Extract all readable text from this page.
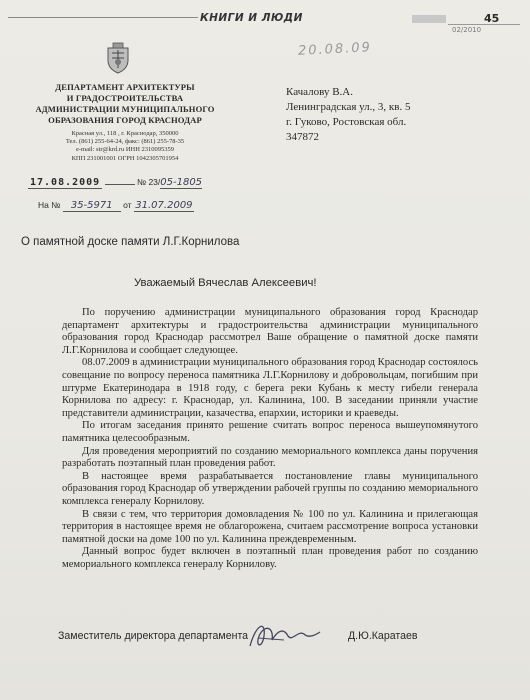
КНИГИ И ЛЮДИ	45
02/2010
20.08.09
ДЕПАРТАМЕНТ АРХИТЕКТУРЫ
И ГРАДОСТРОИТЕЛЬСТВА
АДМИНИСТРАЦИИ МУНИЦИПАЛЬНОГО
ОБРАЗОВАНИЯ ГОРОД КРАСНОДАР
Красная ул., 118 , г. Краснодар, 350000
Тел. (861) 255-64-24, факс: (861) 255-78-35
e-mail: str@krd.ru ИНН 2310095359
КПП 231001001 ОГРН 1042305701954
17.08.2009	№ 23/05-1805
На № 35-5971 от 31.07.2009
Качалову В.А.
Ленинградская ул., 3, кв. 5
г. Гуково, Ростовская обл.
347872
О памятной доске памяти Л.Г.Корнилова
Уважаемый Вячеслав Алексеевич!

По поручению администрации муниципального образования город Краснодар департамент архитектуры и градостроительства администрации муниципального образования город Краснодар рассмотрел Ваше обращение о памятной доске памяти Л.Г.Корнилова и сообщает следующее.

08.07.2009 в администрации муниципального образования город Краснодар состоялось совещание по вопросу переноса памятника Л.Г.Корнилову и добровольцам, погибшим при штурме Екатеринодара в 1918 году, с берега реки Кубань к месту гибели генерала Корнилова по адресу: г. Краснодар, ул. Калинина, 100. В заседании приняли участие представители администрации, казачества, епархии, историки и краеведы.

По итогам заседания принято решение считать вопрос переноса вышеупомянутого памятника целесообразным.

Для проведения мероприятий по созданию мемориального комплекса даны поручения разработать поэтапный план проведения работ.

В настоящее время разрабатывается постановление главы муниципального образования город Краснодар об утверждении рабочей группы по созданию мемориального комплекса генералу Корнилову.

В связи с тем, что территория домовладения № 100 по ул. Калинина и прилегающая территория в настоящее время не облагорожена, считаем рассмотрение вопроса установки памятной доски на доме 100 по ул. Калинина преждевременным.

Данный вопрос будет включен в поэтапный план проведения работ по созданию мемориального комплекса генералу Корнилову.

Заместитель директора департамента	Д.Ю.Каратаев
